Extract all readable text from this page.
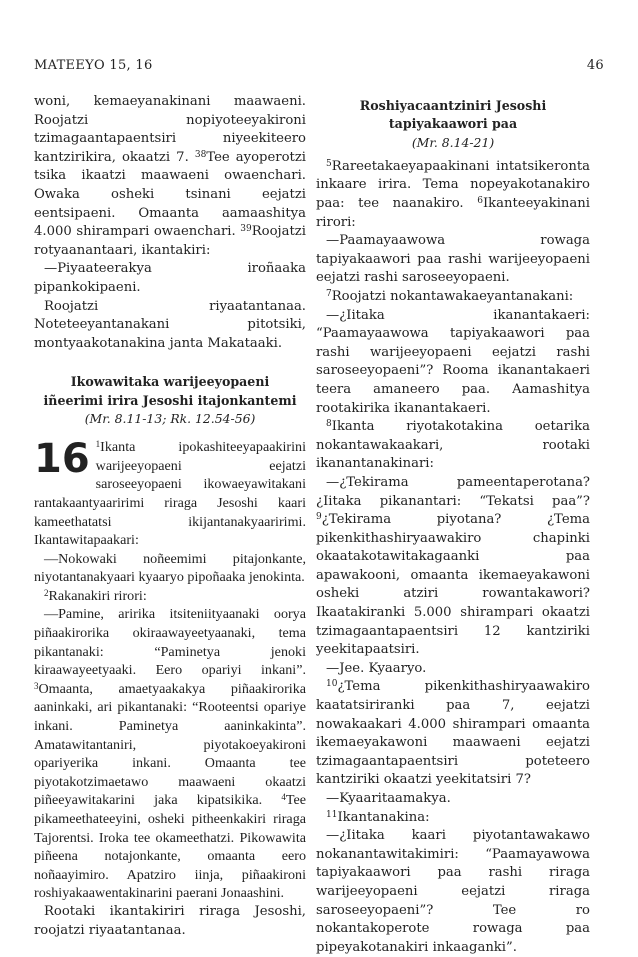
MATEEYO 15, 16	46

woni, kemaeyanakinani maawaeni. Roojatzi nopiyoteeyakironi tzimagaantapaentsiri niyeekiteero kantzirikira, okaatzi 7. $^{38}$Tee ayoperotzi tsika ikaatzi maawaeni owaenchari. Owaka osheki tsinani eejatzi eentsipaeni. Omaanta aamaashitya 4.000 shirampari owaenchari. $^{39}$Roojatzi rotyaanantaari, ikantakiri:

—Piyaateerakya iroñaaka pipankokipaeni.

Roojatzi riyaatantanaa. Noteteeyantanakani pitotsiki, montyaakotanakina janta Makataaki.

Ikowawitaka warijeeyopaeni

iñeerimi irira Jesoshi itajonkantemi

(Mr. 8.11-13; Rk. 12.54-56)

16 $^1$Ikanta ipokashiteeyapaakirini warijeeyopaeni eejatzi saroseeyopaeni ikowaeyawitakani rantakaantyaaririmi riraga Jesoshi kaari kameethatatsi ikijantanakyaaririmi. Ikantawitapaakari:

—Nokowaki noñeemimi pitajonkante, niyotantanakyaari kyaaryo pipoñaaka jenokinta.

$^2$Rakanakiri rirori:

—Pamine, aririka itsiteniityaanaki oorya piñaakirorika okiraawayeetyaanaki, tema pikantanaki: “Paminetya jenoki kiraawayeetyaaki. Eero opariyi inkani”. $^3$Omaanta, amaetyaakakya piñaakirorika aaninkaki, ari pikantanaki: “Rooteentsi opariye inkani. Paminetya aaninkakinta”. Amatawitantaniri, piyotakoeyakironi opariyerika inkani. Omaanta tee piyotakotzimaetawo maawaeni okaatzi piñeeyawitakarini jaka kipatsikika. $^4$Tee pikameethateeyini, osheki pitheenkakiri riraga Tajorentsi. Iroka tee okameethatzi. Pikowawita piñeena notajonkante, omaanta eero noñaayimiro. Apatziro iinja, piñaakironi roshiyakaawentakinarini paerani Jonaashini.

Rootaki ikantakiriri riraga Jesoshi, roojatzi riyaatantanaa.

Roshiyacaantziniri Jesoshi

tapiyakaawori paa

(Mr. 8.14-21)

$^5$Rareetakaeyapaakinani intatsikeronta inkaare irira. Tema nopeyakotanakiro paa: tee naanakiro. $^6$Ikanteeyakinani rirori:

—Paamayaawowa rowaga tapiyakaawori paa rashi warijeeyopaeni eejatzi rashi saroseeyopaeni.

$^7$Roojatzi nokantawakaeyantanakani:

—¿Iitaka ikanantakaeri: “Paamayaawowa tapiyakaawori paa rashi warijeeyopaeni eejatzi rashi saroseeyopaeni”? Rooma ikanantakaeri teera amaneero paa. Aamashitya rootakirika ikanantakaeri.

$^8$Ikanta riyotakotakina oetarika nokantawakaakari, rootaki ikanantanakinari:

—¿Tekirama pameentaperotana? ¿Iitaka pikanantari: “Tekatsi paa”? $^9$¿Tekirama piyotana? ¿Tema pikenkithashiryaawakiro chapinki okaatakotawitakagaanki paa apawakooni, omaanta ikemaeyakawoni osheki atziri rowantakawori? Ikaatakiranki 5.000 shirampari okaatzi tzimagaantapaentsiri 12 kantziriki yeekitapaatsiri.

—Jee. Kyaaryo.

$^{10}$¿Tema pikenkithashiryaawakiro kaatatsiriranki paa 7, eejatzi nowakaakari 4.000 shirampari omaanta ikemaeyakawoni maawaeni eejatzi tzimagaantapaentsiri poteteero kantziriki okaatzi yeekitatsiri 7?

—Kyaaritaamakya.

$^{11}$Ikantanakina:

—¿Iitaka kaari piyotantawakawo nokanantawitakimiri: “Paamayawowa tapiyakaawori paa rashi riraga warijeeyopaeni eejatzi riraga saroseeyopaeni”? Tee ro nokantakoperote rowaga paa pipeyakotanakiri inkaaganki”.
